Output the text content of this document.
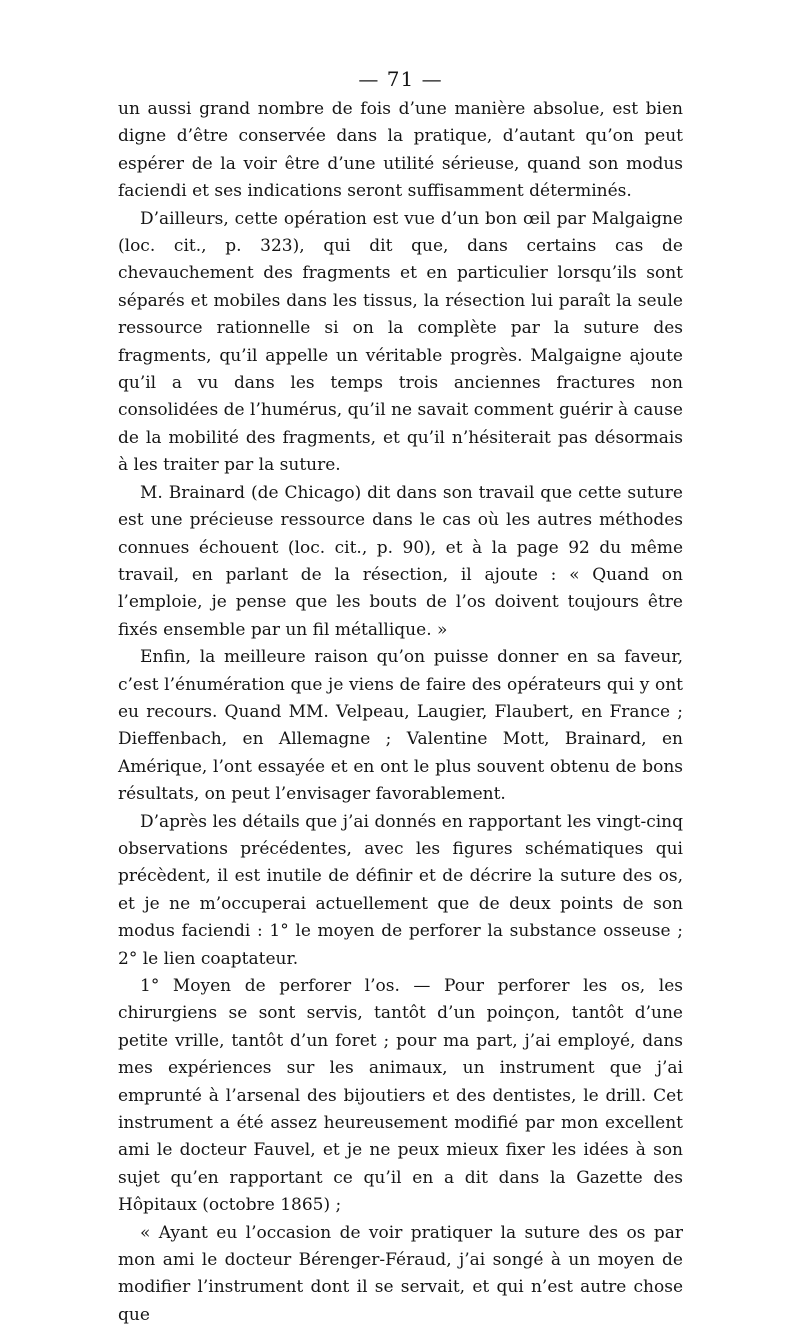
— 71 —

un aussi grand nombre de fois d’une manière absolue, est bien digne d’être conservée dans la pratique, d’autant qu’on peut espérer de la voir être d’une utilité sérieuse, quand son modus faciendi et ses indications seront suffisamment déterminés.

D’ailleurs, cette opération est vue d’un bon œil par Malgaigne (loc. cit., p. 323), qui dit que, dans certains cas de chevauchement des fragments et en particulier lorsqu’ils sont séparés et mobiles dans les tissus, la résection lui paraît la seule ressource rationnelle si on la complète par la suture des fragments, qu’il appelle un véritable progrès. Malgaigne ajoute qu’il a vu dans les temps trois anciennes fractures non consolidées de l’humérus, qu’il ne savait comment guérir à cause de la mobilité des fragments, et qu’il n’hésiterait pas désormais à les traiter par la suture.

M. Brainard (de Chicago) dit dans son travail que cette suture est une précieuse ressource dans le cas où les autres méthodes connues échouent (loc. cit., p. 90), et à la page 92 du même travail, en parlant de la résection, il ajoute : « Quand on l’emploie, je pense que les bouts de l’os doivent toujours être fixés ensemble par un fil métallique. »

Enfin, la meilleure raison qu’on puisse donner en sa faveur, c’est l’énumération que je viens de faire des opérateurs qui y ont eu recours. Quand MM. Velpeau, Laugier, Flaubert, en France ; Dieffenbach, en Allemagne ; Valentine Mott, Brainard, en Amérique, l’ont essayée et en ont le plus souvent obtenu de bons résultats, on peut l’envisager favorablement.

D’après les détails que j’ai donnés en rapportant les vingt-cinq observations précédentes, avec les figures schématiques qui précèdent, il est inutile de définir et de décrire la suture des os, et je ne m’occuperai actuellement que de deux points de son modus faciendi : 1° le moyen de perforer la substance osseuse ; 2° le lien coaptateur.

1° Moyen de perforer l’os. — Pour perforer les os, les chirurgiens se sont servis, tantôt d’un poinçon, tantôt d’une petite vrille, tantôt d’un foret ; pour ma part, j’ai employé, dans mes expériences sur les animaux, un instrument que j’ai emprunté à l’arsenal des bijoutiers et des dentistes, le drill. Cet instrument a été assez heureusement modifié par mon excellent ami le docteur Fauvel, et je ne peux mieux fixer les idées à son sujet qu’en rapportant ce qu’il en a dit dans la Gazette des Hôpitaux (octobre 1865) ;

« Ayant eu l’occasion de voir pratiquer la suture des os par mon ami le docteur Bérenger-Féraud, j’ai songé à un moyen de modifier l’instrument dont il se servait, et qui n’est autre chose que
